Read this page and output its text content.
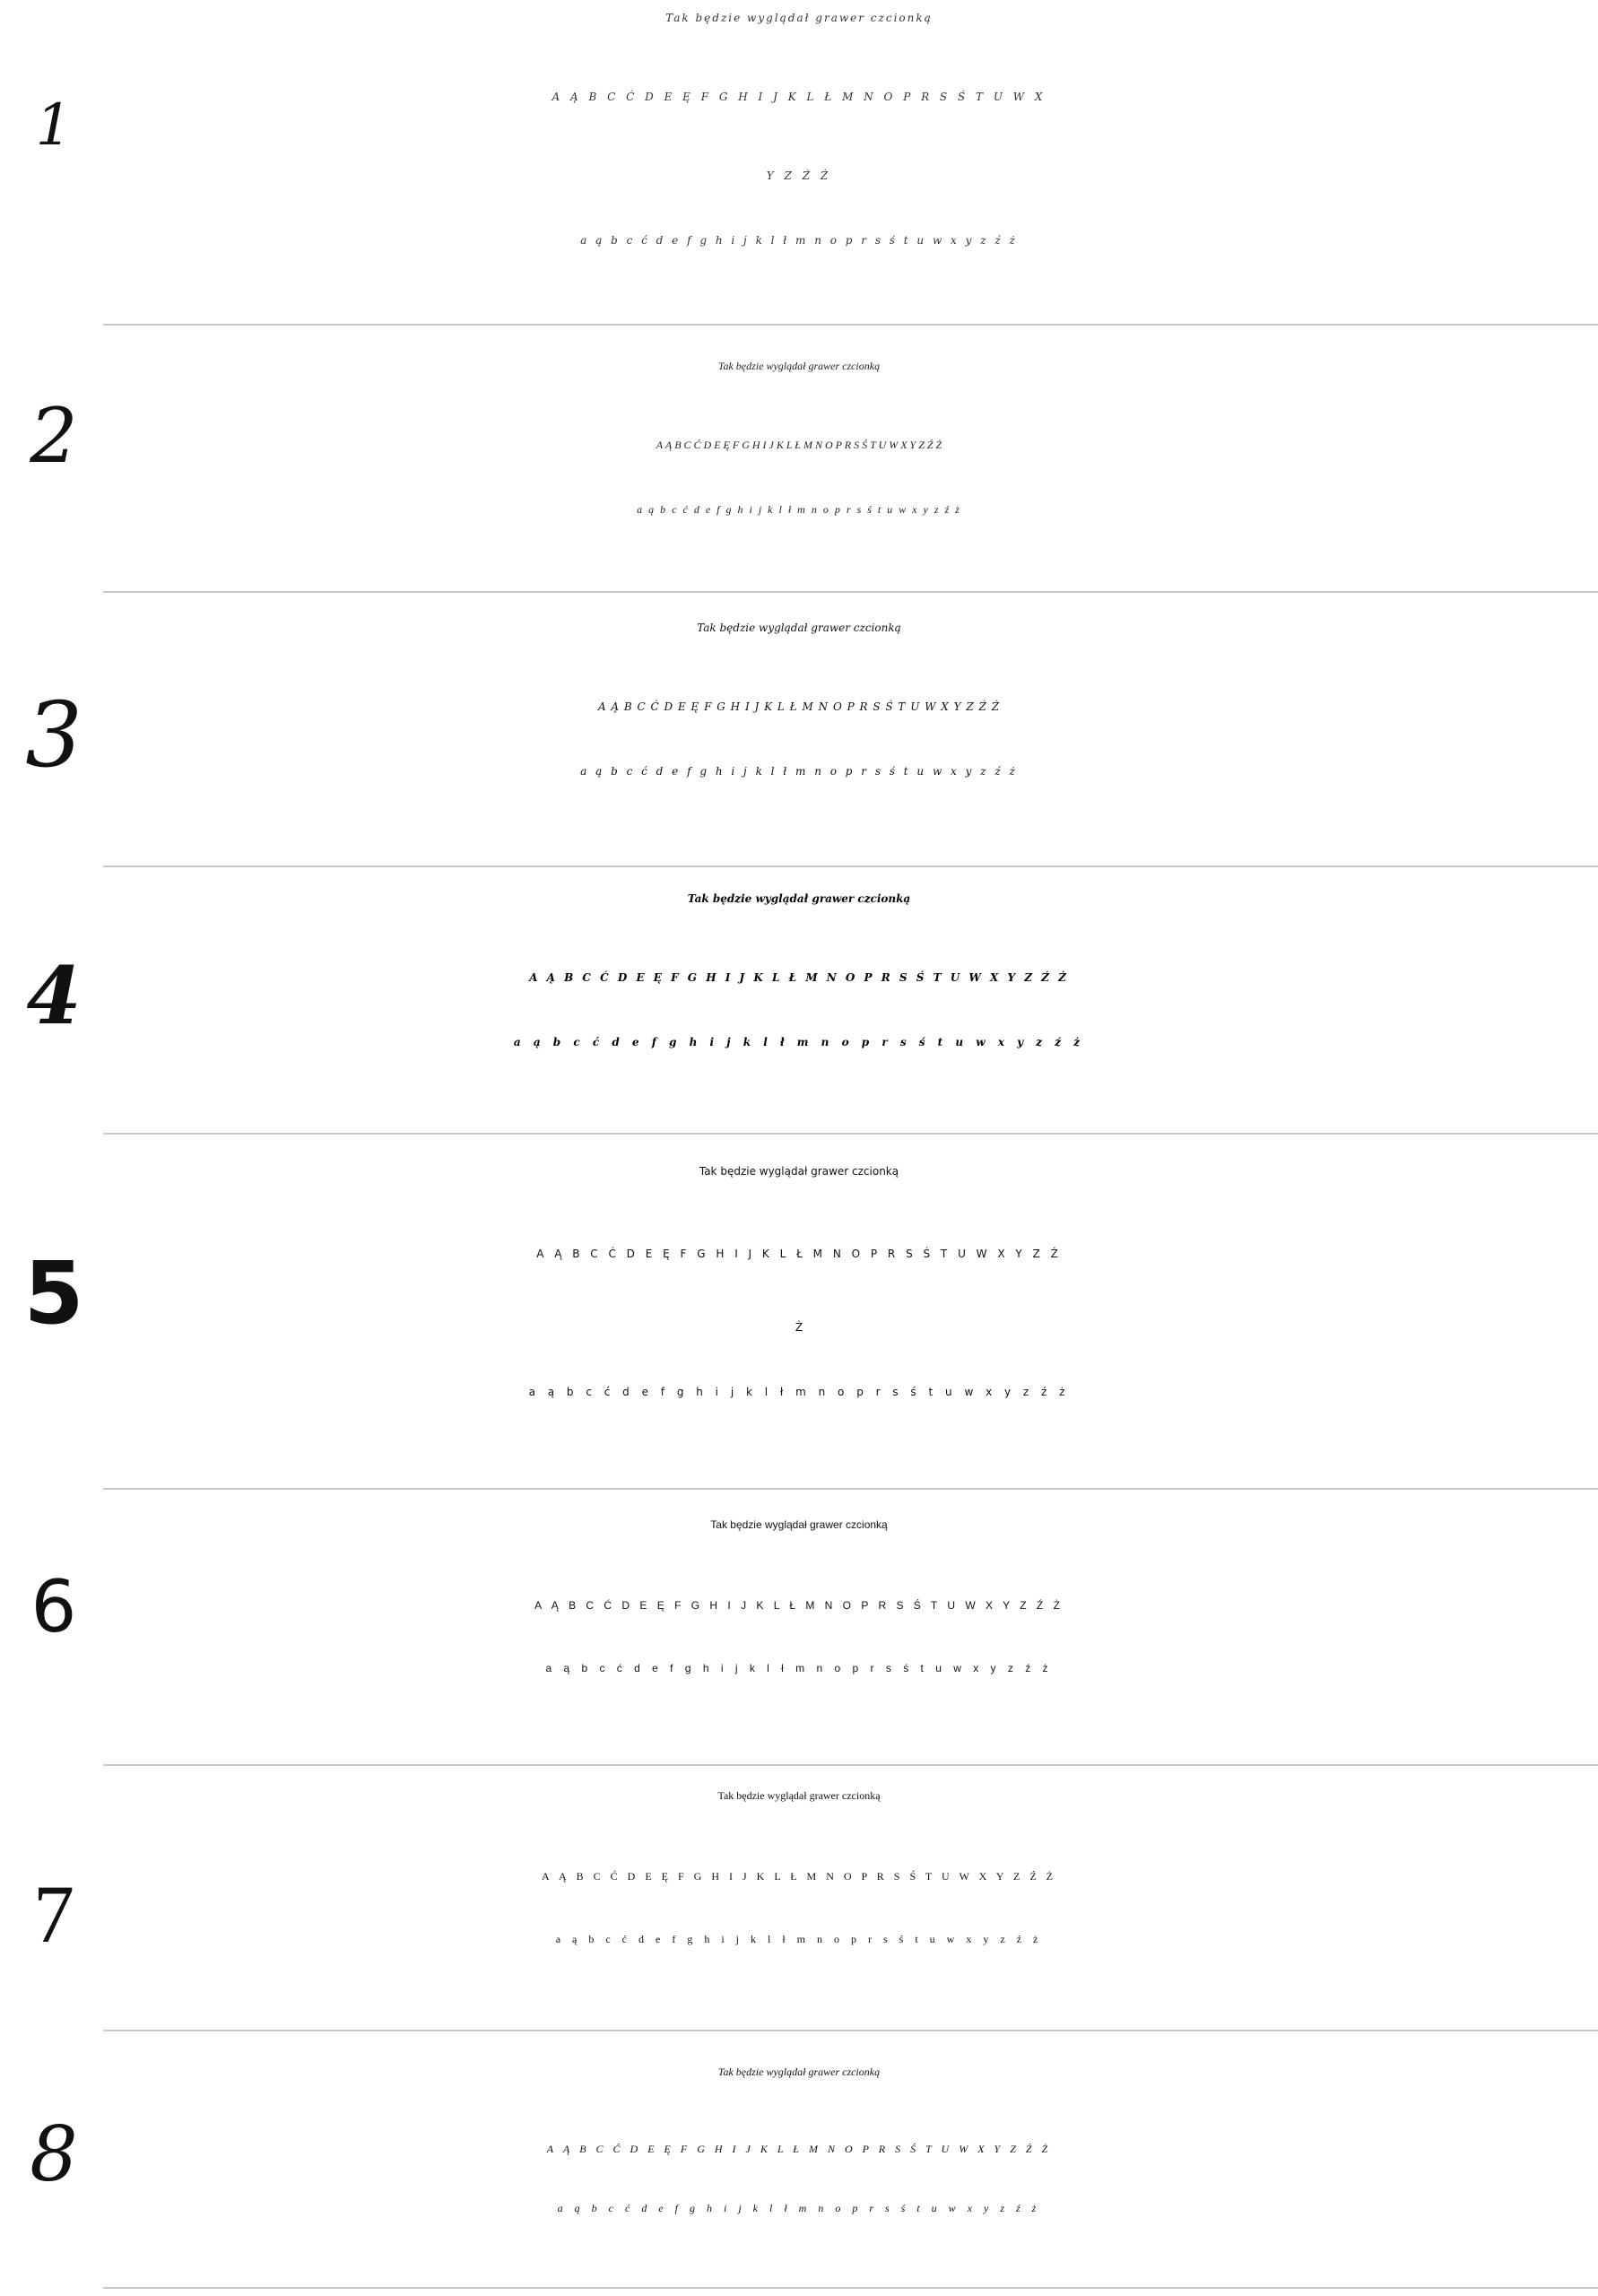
1
Tak będzie wyglądał grawer czcionką
A Ą B C Ć D E Ę F G H I J K L Ł M N O P R S Ś T U W X
Y Z Ź Ż
a ą b c ć d e f g h i j k l ł m n o p r s ś t u w x y z ź ż
2
Tak będzie wyglądał grawer czcionką
A Ą B C Ć D E Ę F G H I J K L Ł M N O P R S Ś T U W X Y Z Ź Ż
a ą b c ć d e f g h i j k l ł m n o p r s ś t u w x y z ź ż
3
Tak będzie wyglądał grawer czcionką
A Ą B C Ć D E Ę F G H I J K L Ł M N O P R S Ś T U W X Y Z Ź Ż
a ą b c ć d e f g h i j k l ł m n o p r s ś t u w x y z ź ż
4
Tak będzie wyglądał grawer czcionką
A Ą B C Ć D E Ę F G H I J K L Ł M N O P R S Ś T U W X Y Z Ź Ż
a ą b c ć d e f g h i j k l ł m n o p r s ś t u w x y z ź ż
5
Tak będzie wyglądał grawer czcionką
A Ą B C Ć D E Ę F G H I J K L Ł M N O P R S Ś T U W X Y Z Ź
Ż
a ą b c ć d e f g h i j k l ł m n o p r s ś t u w x y z ź ż
6
Tak będzie wyglądał grawer czcionką
A Ą B C Ć D E Ę F G H I J K L Ł M N O P R S Ś T U W X Y Z Ź Ż
a ą b c ć d e f g h i j k l ł m n o p r s ś t u w x y z ź ż
7
Tak będzie wyglądał grawer czcionką
A Ą B C Ć D E Ę F G H I J K L Ł M N O P R S Ś T U W X Y Z Ź Ż
a ą b c ć d e f g h i j k l ł m n o p r s ś t u w x y z ź ż
8
Tak będzie wyglądał grawer czcionką
A Ą B C Ć D E Ę F G H I J K L Ł M N O P R S Ś T U W X Y Z Ź Ż
a ą b c ć d e f g h i j k l ł m n o p r s ś t u w x y z ź ż
